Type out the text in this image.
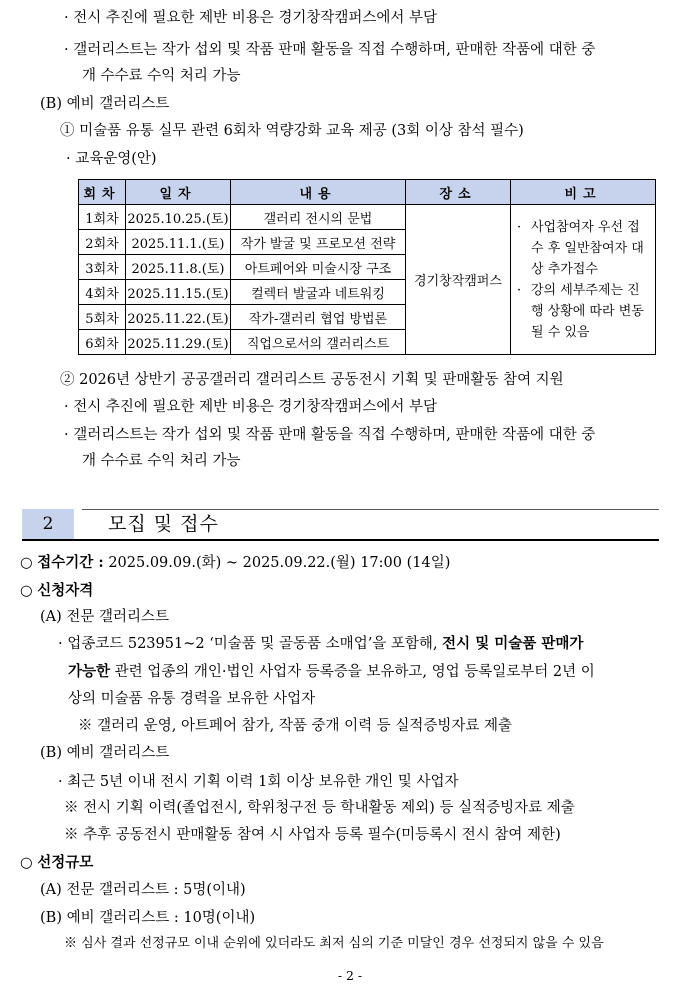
· 전시 추진에 필요한 제반 비용은 경기창작캠퍼스에서 부담
· 갤러리스트는 작가 섭외 및 작품 판매 활동을 직접 수행하며, 판매한 작품에 대한 중
개 수수료 수익 처리 가능
(B) 예비 갤러리스트
① 미술품 유통 실무 관련 6회차 역량강화 교육 제공 (3회 이상 참석 필수)
· 교육운영(안)
회차	일자	내용	장소	비고
1회차	2025.10.25.(토)	갤러리 전시의 문법	경기창작캠퍼스	· 사업참여자 우선 접수 후 일반참여자 대상 추가접수
· 강의 세부주제는 진행 상황에 따라 변동될 수 있음

2회차	2025.11.1.(토)	작가 발굴 및 프로모션 전략		
3회차	2025.11.8.(토)	아트페어와 미술시장 구조		
4회차	2025.11.15.(토)	컬렉터 발굴과 네트워킹		
5회차	2025.11.22.(토)	작가-갤러리 협업 방법론		
6회차	2025.11.29.(토)	직업으로서의 갤러리스트		
② 2026년 상반기 공공갤러리 갤러리스트 공동전시 기획 및 판매활동 참여 지원
· 전시 추진에 필요한 제반 비용은 경기창작캠퍼스에서 부담
· 갤러리스트는 작가 섭외 및 작품 판매 활동을 직접 수행하며, 판매한 작품에 대한 중
개 수수료 수익 처리 가능
2	모집 및 접수
○ 접수기간 : 2025.09.09.(화) ~ 2025.09.22.(월) 17:00 (14일)
○ 신청자격
(A) 전문 갤러리스트
· 업종코드 523951~2 ‘미술품 및 골동품 소매업’을 포함해, 전시 및 미술품 판매가
가능한 관련 업종의 개인·법인 사업자 등록증을 보유하고, 영업 등록일로부터 2년 이
상의 미술품 유통 경력을 보유한 사업자
※ 갤러리 운영, 아트페어 참가, 작품 중개 이력 등 실적증빙자료 제출
(B) 예비 갤러리스트
· 최근 5년 이내 전시 기획 이력 1회 이상 보유한 개인 및 사업자
※ 전시 기획 이력(졸업전시, 학위청구전 등 학내활동 제외) 등 실적증빙자료 제출
※ 추후 공동전시 판매활동 참여 시 사업자 등록 필수(미등록시 전시 참여 제한)
○ 선정규모
(A) 전문 갤러리스트 : 5명(이내)
(B) 예비 갤러리스트 : 10명(이내)
※ 심사 결과 선정규모 이내 순위에 있더라도 최저 심의 기준 미달인 경우 선정되지 않을 수 있음
- 2 -
